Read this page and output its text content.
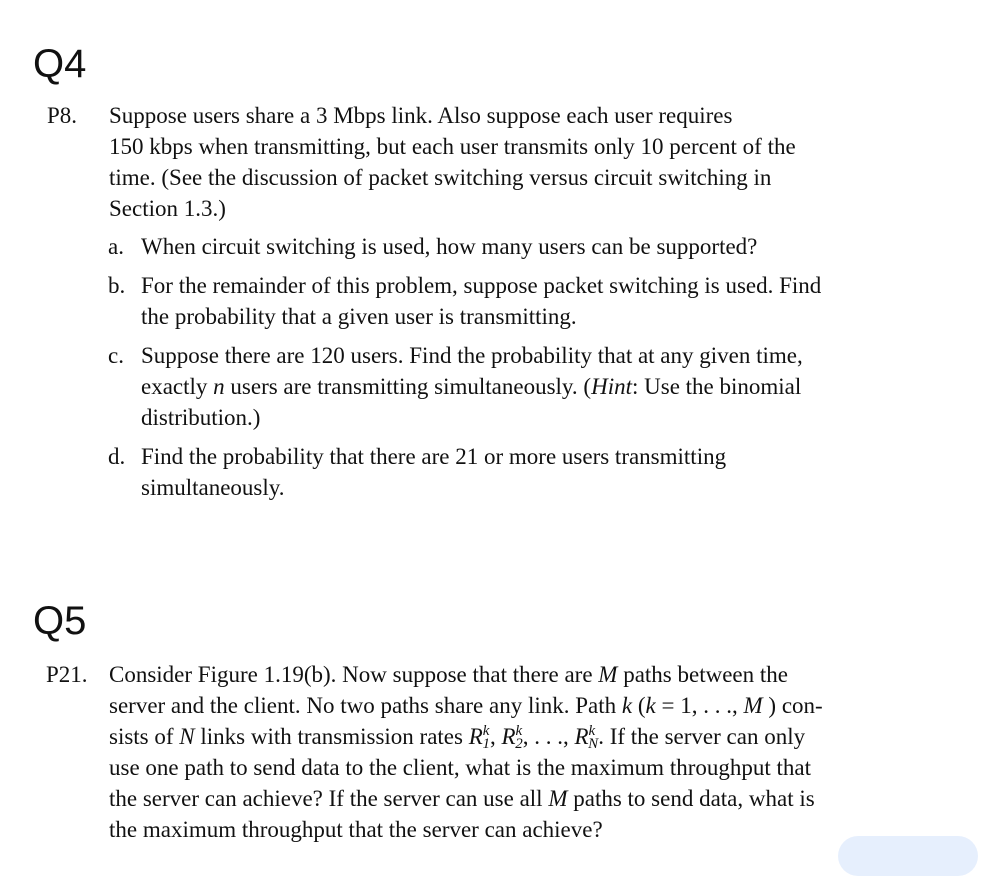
Q4
P8. Suppose users share a 3 Mbps link. Also suppose each user requires
150 kbps when transmitting, but each user transmits only 10 percent of the
time. (See the discussion of packet switching versus circuit switching in
Section 1.3.)
a. When circuit switching is used, how many users can be supported?
b. For the remainder of this problem, suppose packet switching is used. Find
the probability that a given user is transmitting.
c. Suppose there are 120 users. Find the probability that at any given time,
exactly n users are transmitting simultaneously. (Hint: Use the binomial
distribution.)
d. Find the probability that there are 21 or more users transmitting
simultaneously.
Q5
P21. Consider Figure 1.19(b). Now suppose that there are M paths between the
server and the client. No two paths share any link. Path k (k = 1, . . ., M ) con-
sists of N links with transmission rates $R^k_1$, $R^k_2$, . . ., $R^k_N$. If the server can only
use one path to send data to the client, what is the maximum throughput that
the server can achieve? If the server can use all M paths to send data, what is
the maximum throughput that the server can achieve?
